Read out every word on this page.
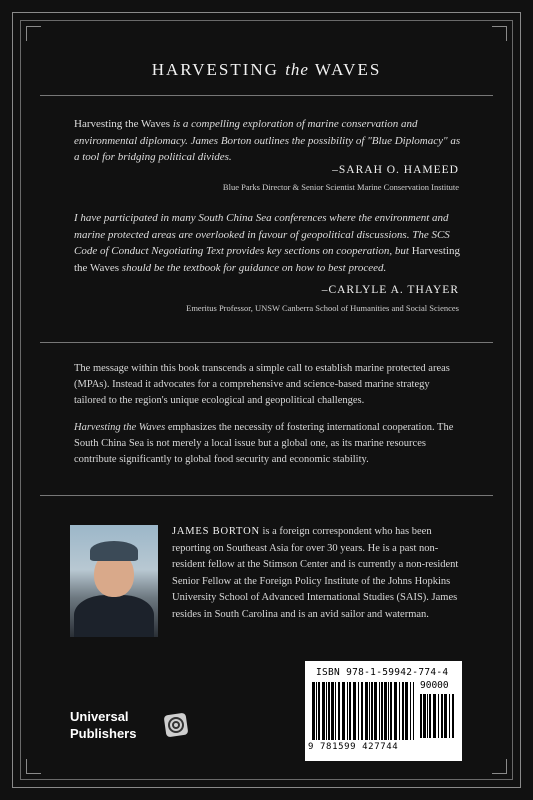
HARVESTING the WAVES
Harvesting the Waves is a compelling exploration of marine conservation and environmental diplomacy. James Borton outlines the possibility of "Blue Diplomacy" as a tool for bridging political divides.
–SARAH O. HAMEED
Blue Parks Director & Senior Scientist Marine Conservation Institute
I have participated in many South China Sea conferences where the environment and marine protected areas are overlooked in favour of geopolitical discussions. The SCS Code of Conduct Negotiating Text provides key sections on cooperation, but Harvesting the Waves should be the textbook for guidance on how to best proceed.
–CARLYLE A. THAYER
Emeritus Professor, UNSW Canberra School of Humanities and Social Sciences
The message within this book transcends a simple call to establish marine protected areas (MPAs). Instead it advocates for a comprehensive and science-based marine strategy tailored to the region's unique ecological and geopolitical challenges.
Harvesting the Waves emphasizes the necessity of fostering international cooperation. The South China Sea is not merely a local issue but a global one, as its marine resources contribute significantly to global food security and economic stability.
JAMES BORTON is a foreign correspondent who has been reporting on Southeast Asia for over 30 years. He is a past non-resident fellow at the Stimson Center and is currently a non-resident Senior Fellow at the Foreign Policy Institute of the Johns Hopkins University School of Advanced International Studies (SAIS). James resides in South Carolina and is an avid sailor and waterman.
Universal
Publishers
ISBN 978-1-59942-774-4
90000
9 781599 427744
